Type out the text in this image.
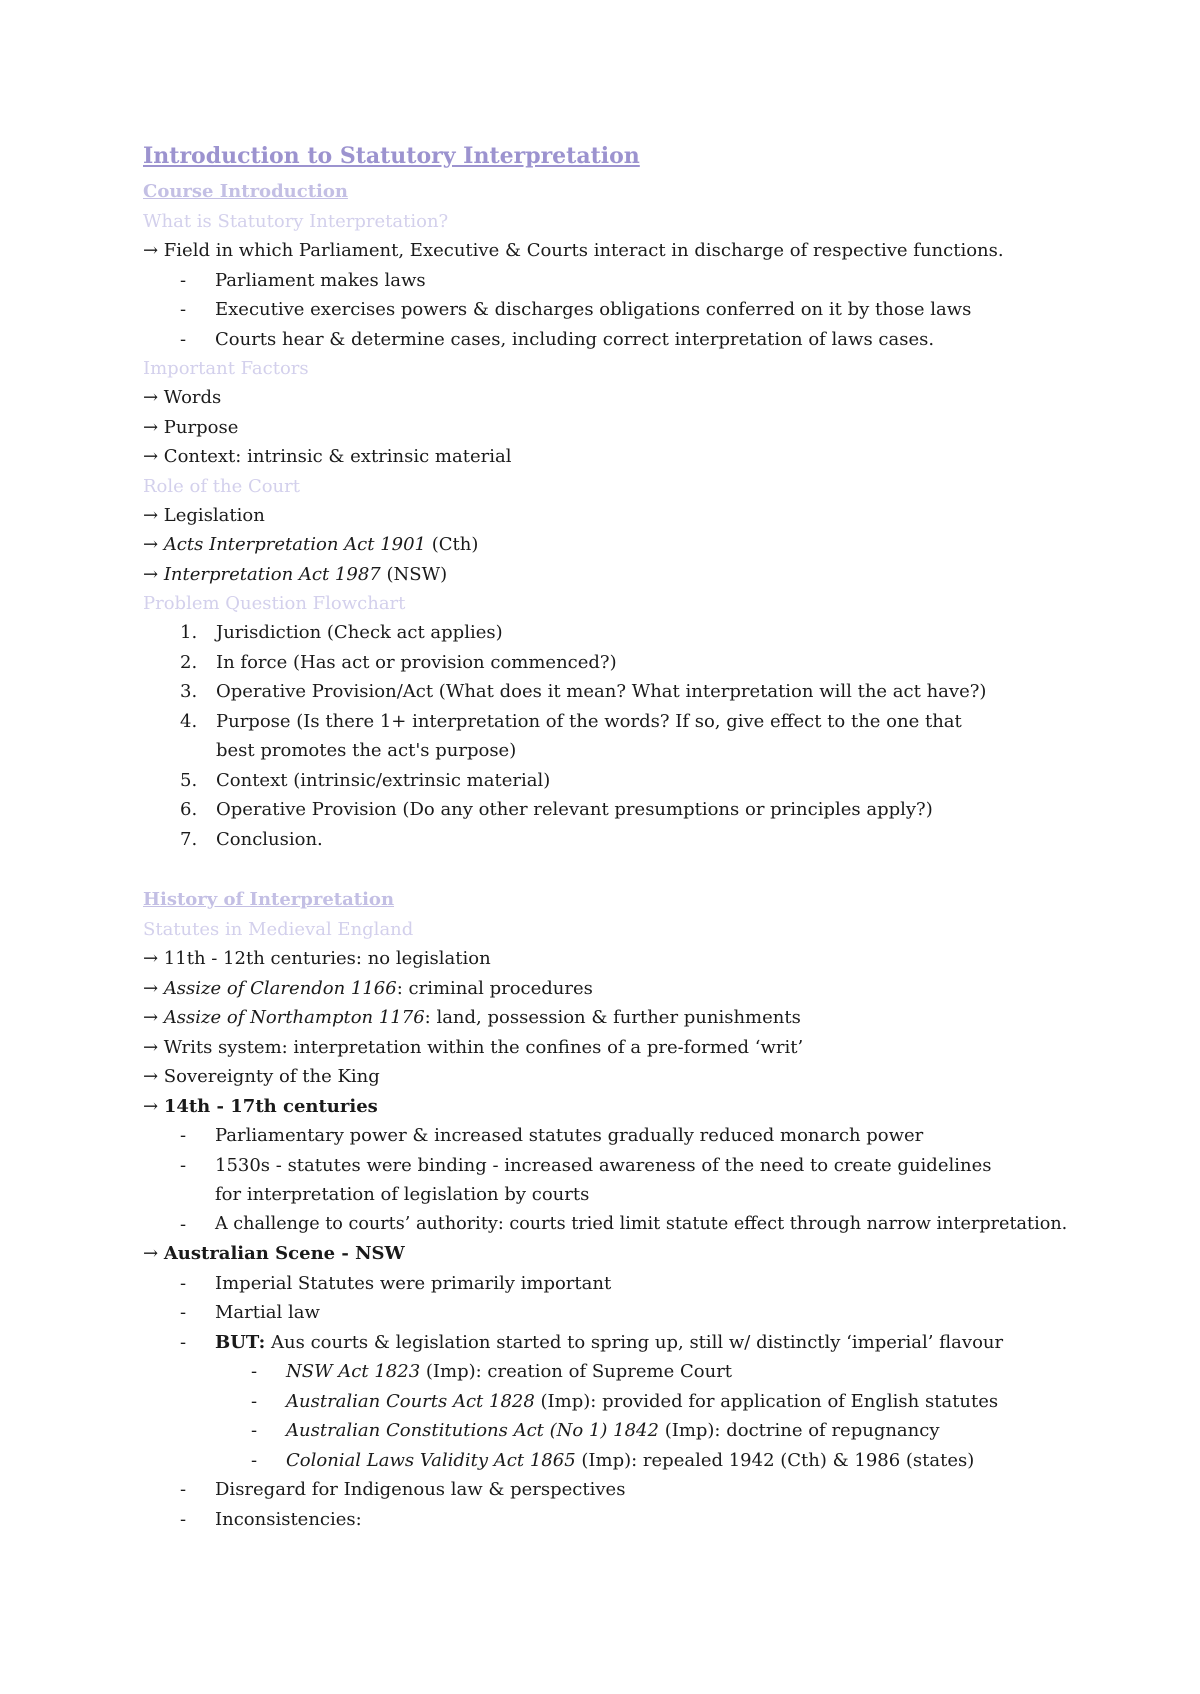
Introduction to Statutory Interpretation
Course Introduction
What is Statutory Interpretation?
→ Field in which Parliament, Executive & Courts interact in discharge of respective functions.
-	Parliament makes laws
-	Executive exercises powers & discharges obligations conferred on it by those laws
-	Courts hear & determine cases, including correct interpretation of laws cases.
Important Factors
→ Words
→ Purpose
→ Context: intrinsic & extrinsic material
Role of the Court
→ Legislation
→ Acts Interpretation Act 1901 (Cth)
→ Interpretation Act 1987 (NSW)
Problem Question Flowchart
1.	Jurisdiction (Check act applies)
2.	In force (Has act or provision commenced?)
3.	Operative Provision/Act (What does it mean? What interpretation will the act have?)
4.	Purpose (Is there 1+ interpretation of the words? If so, give effect to the one that best promotes the act's purpose)
5.	Context (intrinsic/extrinsic material)
6.	Operative Provision (Do any other relevant presumptions or principles apply?)
7.	Conclusion.
History of Interpretation
Statutes in Medieval England
→ 11th - 12th centuries: no legislation
→ Assize of Clarendon 1166: criminal procedures
→ Assize of Northampton 1176: land, possession & further punishments
→ Writs system: interpretation within the confines of a pre-formed ‘writ’
→ Sovereignty of the King
→ 14th - 17th centuries
-	Parliamentary power & increased statutes gradually reduced monarch power
-	1530s - statutes were binding - increased awareness of the need to create guidelines for interpretation of legislation by courts
-	A challenge to courts’ authority: courts tried limit statute effect through narrow interpretation.
→ Australian Scene - NSW
-	Imperial Statutes were primarily important
-	Martial law
-	BUT: Aus courts & legislation started to spring up, still w/ distinctly ‘imperial’ flavour
-	NSW Act 1823 (Imp): creation of Supreme Court
-	Australian Courts Act 1828 (Imp): provided for application of English statutes
-	Australian Constitutions Act (No 1) 1842 (Imp): doctrine of repugnancy
-	Colonial Laws Validity Act 1865 (Imp): repealed 1942 (Cth) & 1986 (states)
-	Disregard for Indigenous law & perspectives
-	Inconsistencies:
